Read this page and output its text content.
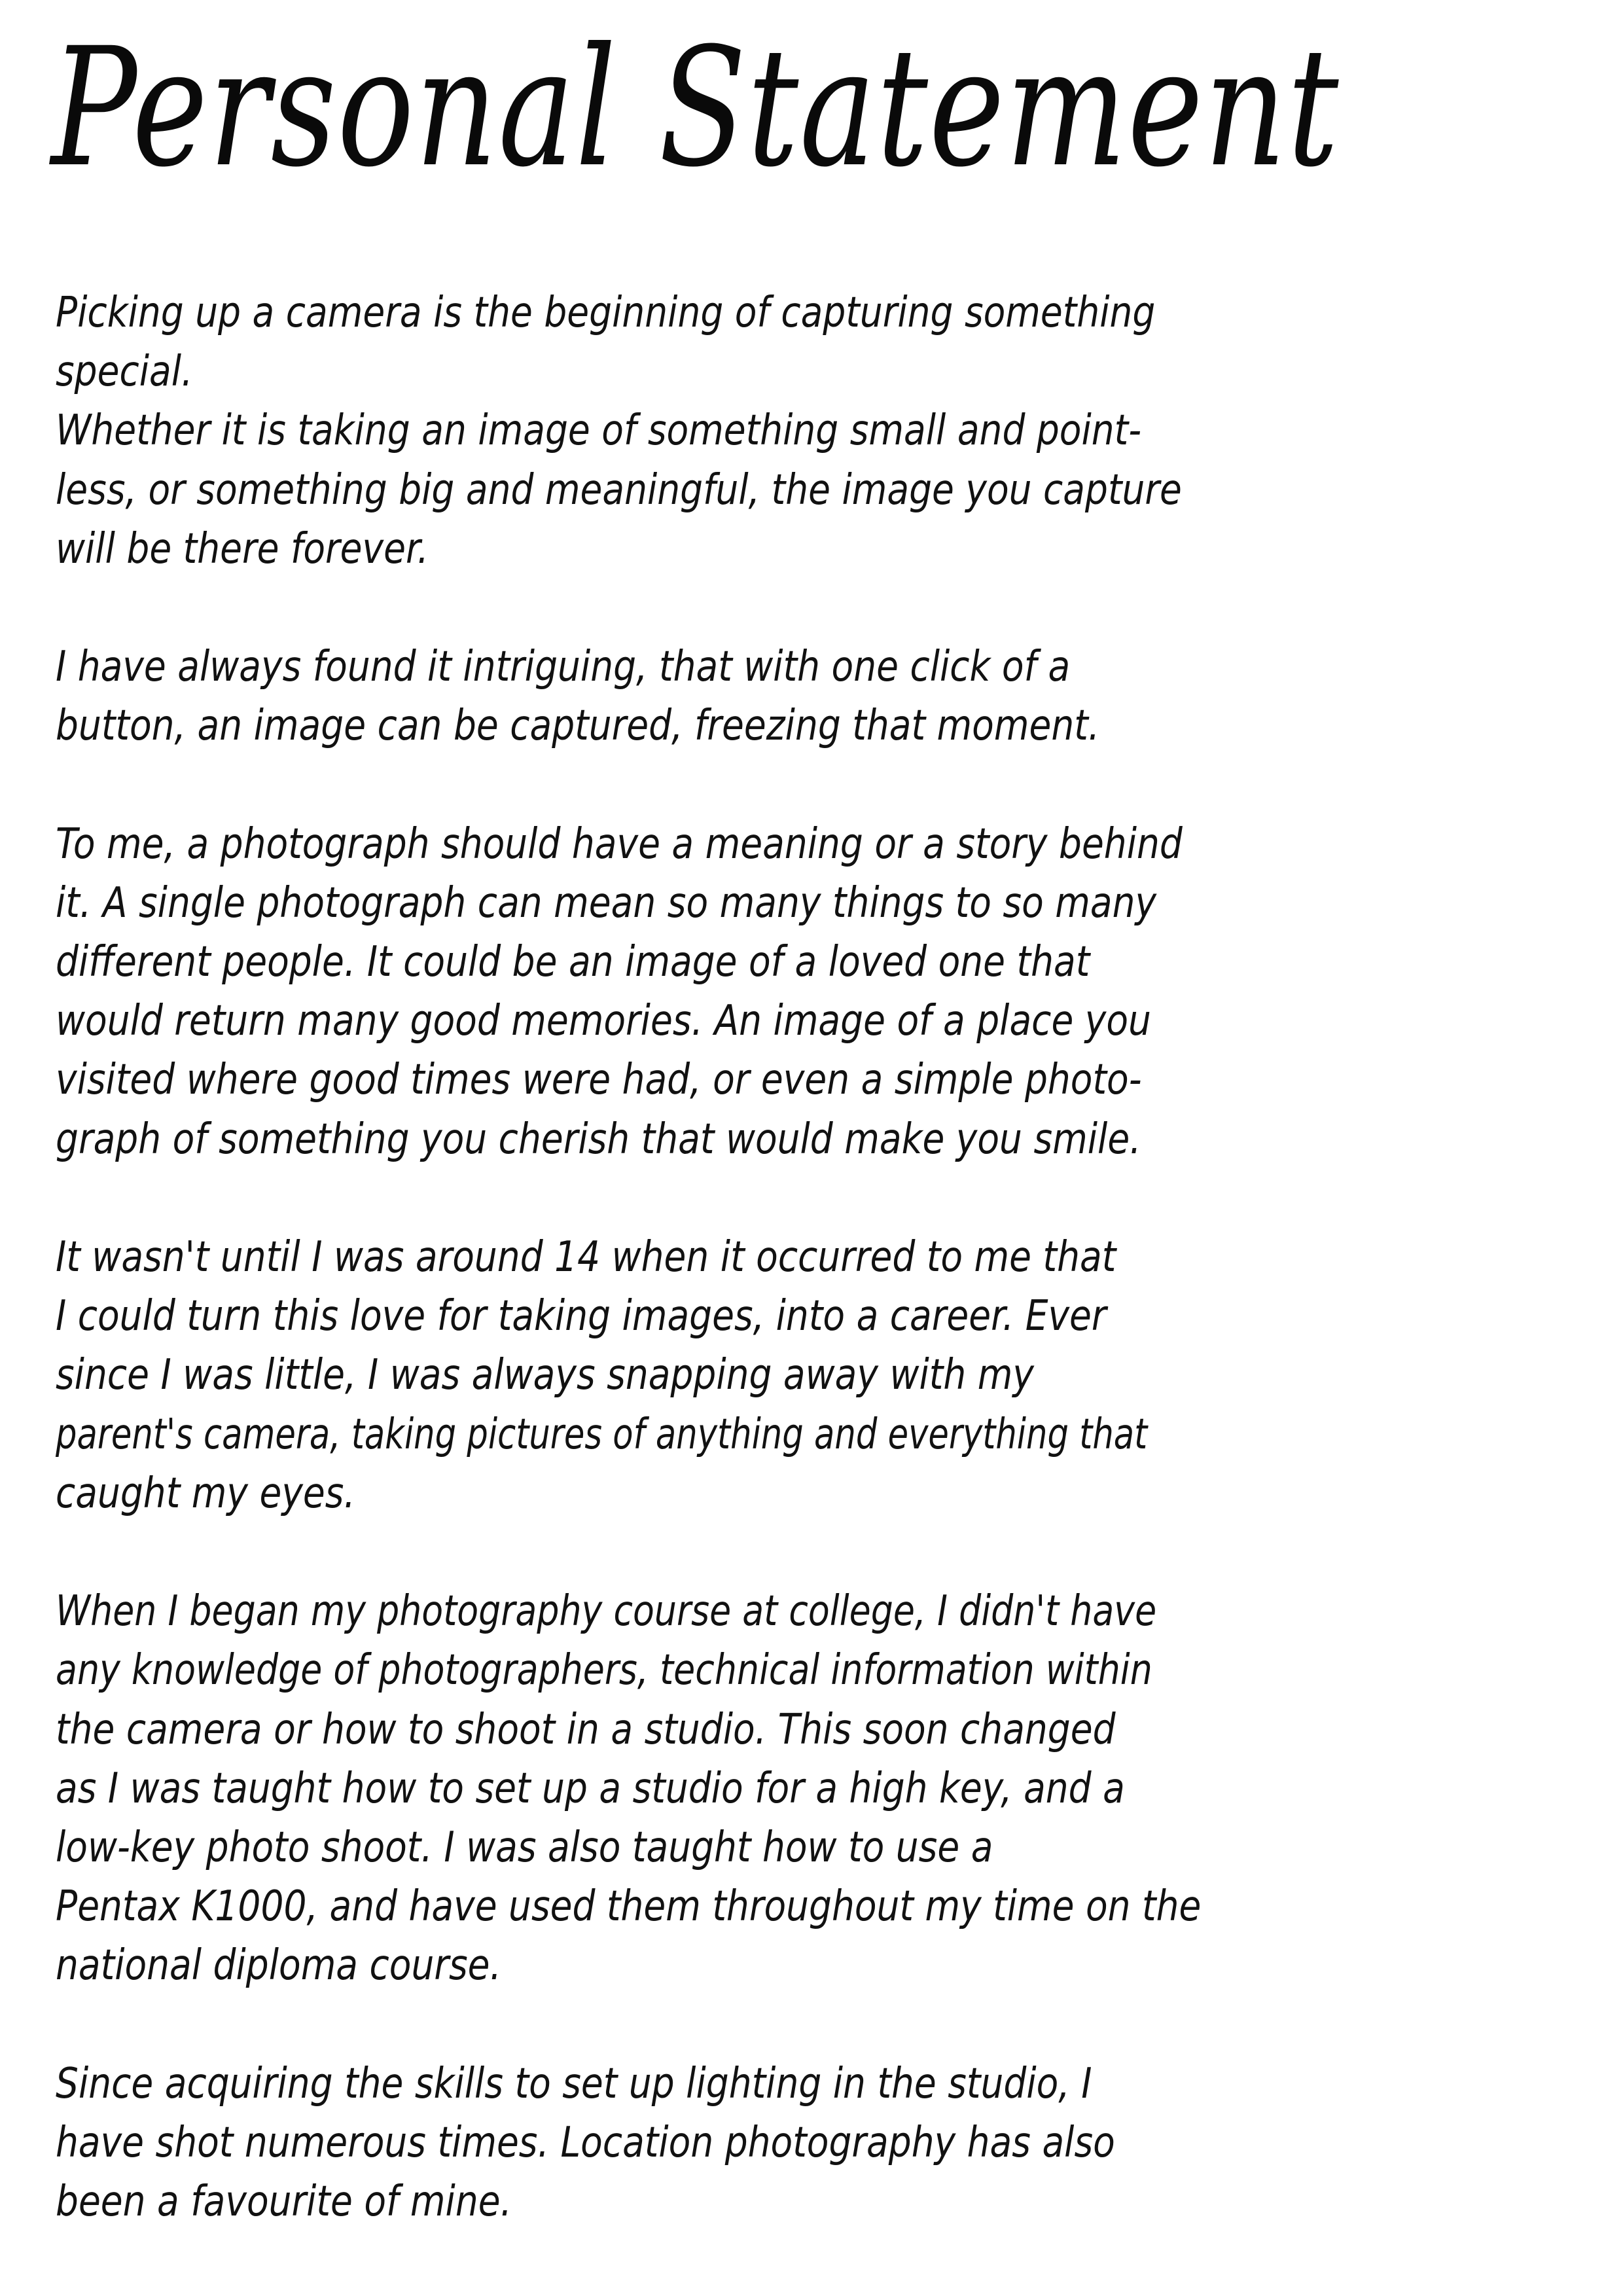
Personal Statement
Picking up a camera is the beginning of capturing something
special.
Whether it is taking an image of something small and point-
less, or something big and meaningful, the image you capture
will be there forever.
I have always found it intriguing, that with one click of a
button, an image can be captured, freezing that moment.
To me, a photograph should have a meaning or a story behind
it. A single photograph can mean so many things to so many
different people. It could be an image of a loved one that
would return many good memories. An image of a place you
visited where good times were had, or even a simple photo-
graph of something you cherish that would make you smile.
It wasn't until I was around 14 when it occurred to me that
I could turn this love for taking images, into a career. Ever
since I was little, I was always snapping away with my
parent's camera, taking pictures of anything and everything that
caught my eyes.
When I began my photography course at college, I didn't have
any knowledge of photographers, technical information within
the camera or how to shoot in a studio. This soon changed
as I was taught how to set up a studio for a high key, and a
low-key photo shoot. I was also taught how to use a
Pentax K1000, and have used them throughout my time on the
national diploma course.
Since acquiring the skills to set up lighting in the studio, I
have shot numerous times. Location photography has also
been a favourite of mine.
